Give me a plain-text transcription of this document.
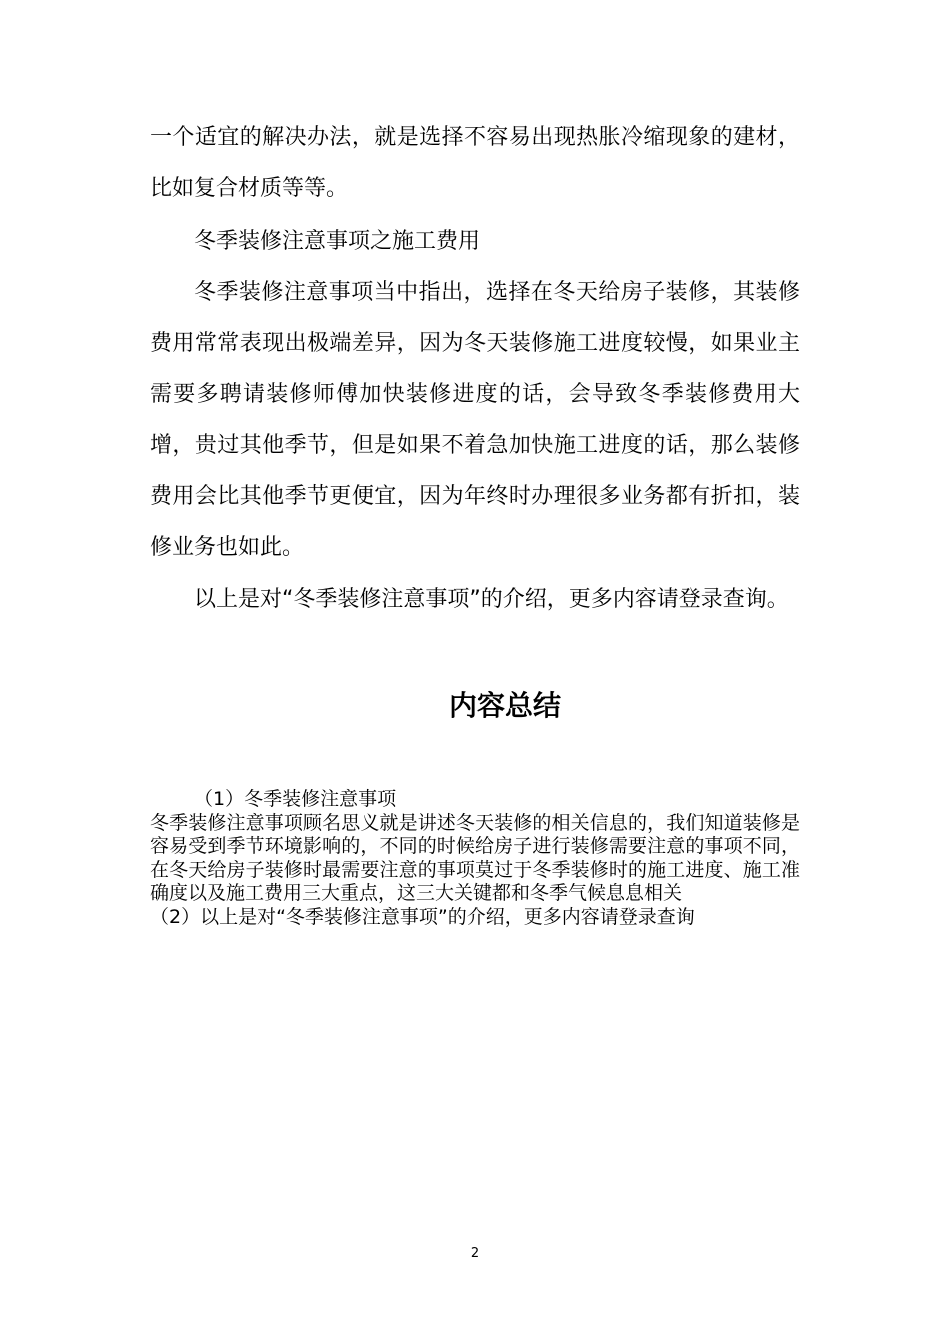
一个适宜的解决办法，就是选择不容易出现热胀冷缩现象的建材，比如复合材质等等。

冬季装修注意事项之施工费用

冬季装修注意事项当中指出，选择在冬天给房子装修，其装修费用常常表现出极端差异，因为冬天装修施工进度较慢，如果业主需要多聘请装修师傅加快装修进度的话，会导致冬季装修费用大增，贵过其他季节，但是如果不着急加快施工进度的话，那么装修费用会比其他季节更便宜，因为年终时办理很多业务都有折扣，装修业务也如此。

以上是对“冬季装修注意事项”的介绍，更多内容请登录查询。

内容总结

（1）冬季装修注意事项

冬季装修注意事项顾名思义就是讲述冬天装修的相关信息的，我们知道装修是容易受到季节环境影响的，不同的时候给房子进行装修需要注意的事项不同，在冬天给房子装修时最需要注意的事项莫过于冬季装修时的施工进度、施工准确度以及施工费用三大重点，这三大关键都和冬季气候息息相关

（2）以上是对“冬季装修注意事项”的介绍，更多内容请登录查询

2
